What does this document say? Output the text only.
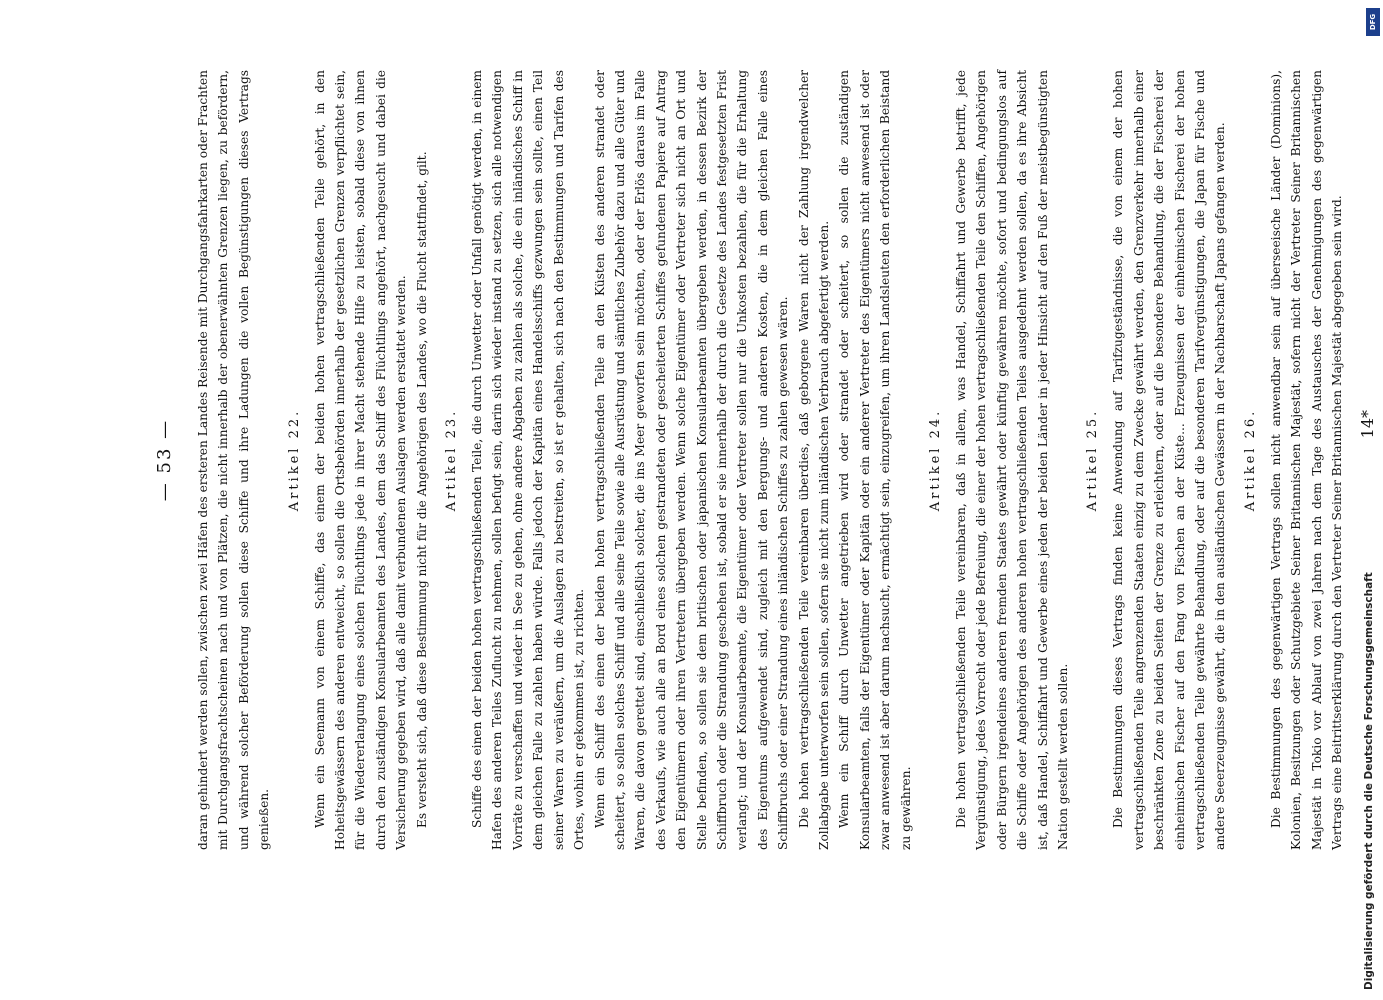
— 53 — daran gehindert werden sollen, zwischen zwei Häfen des ersteren Landes Reisende mit Durchgangsfahrkarten oder Frachten mit Durchgangsfrachtscheinen nach und von Plätzen, die nicht innerhalb der obenerwähnten Grenzen liegen, zu befördern, und während solcher Beförderung sollen diese Schiffe und ihre Ladungen die vollen Begünstigungen dieses Vertrags genießen.

Artikel 22. Wenn ein Seemann von einem Schiffe, das einem der beiden hohen vertragschließenden Teile gehört, in den Hoheitsgewässern des anderen entweicht, so sollen die Ortsbehörden innerhalb der gesetzlichen Grenzen verpflichtet sein, für die Wiedererlangung eines solchen Flüchtlings jede in ihrer Macht stehende Hilfe zu leisten, sobald diese von ihnen durch den zuständigen Konsularbeamten des Landes, dem das Schiff des Flüchtlings angehört, nachgesucht und dabei die Versicherung gegeben wird, daß alle damit verbundenen Auslagen werden erstattet werden. Es versteht sich, daß diese Bestimmung nicht für die Angehörigen des Landes, wo die Flucht stattfindet, gilt. Artikel 23. Schiffe des einen der beiden hohen vertragschließenden Teile, die durch Unwetter oder Unfall genötigt werden, in einem Hafen des anderen Teiles Zuflucht zu nehmen, sollen befugt sein, darin sich wieder instand zu setzen, sich alle notwendigen Vorräte zu verschaffen und wieder in See zu gehen, ohne andere Abgaben zu zahlen als solche, die ein inländisches Schiff in dem gleichen Falle zu zahlen haben würde. Falls jedoch der Kapitän eines Handelsschiffs gezwungen sein sollte, einen Teil seiner Waren zu veräußern, um die Auslagen zu bestreiten, so ist er gehalten, sich nach den Bestimmungen und Tarifen des Ortes, wohin er gekommen ist, zu richten. Wenn ein Schiff des einen der beiden hohen vertragschließenden Teile an den Küsten des anderen strandet oder scheitert, so sollen solches Schiff und alle seine Teile sowie alle Ausrüstung und sämtliches Zubehör dazu und alle Güter und Waren, die davon gerettet sind, einschließlich solcher, die ins Meer geworfen sein möchten, oder der Erlös daraus im Falle des Verkaufs, wie auch alle an Bord eines solchen gestrandeten oder gescheiterten Schiffes gefundenen Papiere auf Antrag den Eigentümern oder ihren Vertretern übergeben werden. Wenn solche Eigentümer oder Vertreter sich nicht an Ort und Stelle befinden, so sollen sie dem britischen oder japanischen Konsularbeamten übergeben werden, in dessen Bezirk der Schiffbruch oder die Strandung geschehen ist, sobald er sie innerhalb der durch die Gesetze des Landes festgesetzten Frist verlangt; und der Konsularbeamte, die Eigentümer oder Vertreter sollen nur die Unkosten bezahlen, die für die Erhaltung des Eigentums aufgewendet sind, zugleich mit den Bergungs- und anderen Kosten, die in dem gleichen Falle eines Schiffbruchs oder einer Strandung eines inländischen Schiffes zu zahlen gewesen wären. Die hohen vertragschließenden Teile vereinbaren überdies, daß geborgene Waren nicht der Zahlung irgendwelcher Zollabgabe unterworfen sein sollen, sofern sie nicht zum inländischen Verbrauch abgefertigt werden. Wenn ein Schiff durch Unwetter angetrieben wird oder strandet oder scheitert, so sollen die zuständigen Konsularbeamten, falls der Eigentümer oder Kapitän oder ein anderer Vertreter des Eigentümers nicht anwesend ist oder zwar anwesend ist aber darum nachsucht, ermächtigt sein, einzugreifen, um ihren Landsleuten den erforderlichen Beistand zu gewähren.

Artikel 24. Die hohen vertragschließenden Teile vereinbaren, daß in allem, was Handel, Schiffahrt und Gewerbe betrifft, jede Vergünstigung, jedes Vorrecht oder jede Befreiung, die einer der hohen vertragschließenden Teile den Schiffen, Angehörigen oder Bürgern irgendeines anderen fremden Staates gewährt oder künftig gewähren möchte, sofort und bedingungslos auf die Schiffe oder Angehörigen des anderen hohen vertragschließenden Teiles ausgedehnt werden sollen, da es ihre Absicht ist, daß Handel, Schiffahrt und Gewerbe eines jeden der beiden Länder in jeder Hinsicht auf den Fuß der meistbegünstigten Nation gestellt werden sollen.

Artikel 25. Die Bestimmungen dieses Vertrags finden keine Anwendung auf Tarifzugeständnisse, die von einem der hohen vertragschließenden Teile angrenzenden Staaten einzig zu dem Zwecke gewährt werden, den Grenzverkehr innerhalb einer beschränkten Zone zu beiden Seiten der Grenze zu erleichtern, oder auf die besondere Behandlung, die der Fischerei der einheimischen Fischer auf den Fang von Fischen an der Küste... Erzeugnissen der einheimischen Fischerei der hohen vertragschließenden Teile gewährte Behandlung, oder auf die besonderen Tarifvergünstigungen, die Japan für Fische und andere Seeerzeugnisse gewährt, die in den ausländischen Gewässern in der Nachbarschaft Japans gefangen werden. Artikel 26. Die Bestimmungen des gegenwärtigen Vertrags sollen nicht anwendbar sein auf überseeische Länder (Dominions), Kolonien, Besitzungen oder Schutzgebiete Seiner Britannischen Majestät, sofern nicht der Vertreter Seiner Britannischen Majestät in Tokio vor Ablauf von zwei Jahren nach dem Tage des Austausches der Genehmigungen des gegenwärtigen Vertrags eine Beitrittserklärung durch den Vertreter Seiner Britannischen Majestät abgegeben sein wird. 14*
Digitalisierung gefördert durch die Deutsche Forschungsgemeinschaft
DFG
